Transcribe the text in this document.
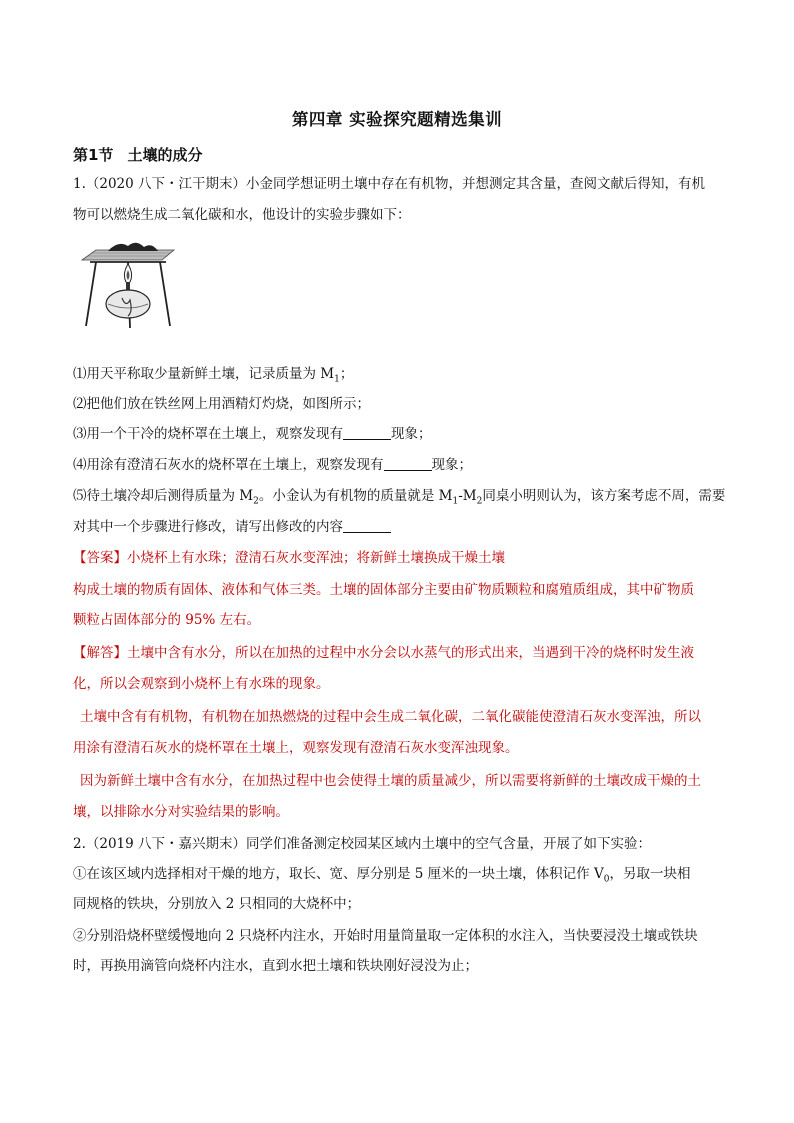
第四章 实验探究题精选集训
第1节 土壤的成分
1.（2020 八下・江干期末）小金同学想证明土壤中存在有机物，并想测定其含量，查阅文献后得知，有机
物可以燃烧生成二氧化碳和水，他设计的实验步骤如下：
⑴用天平称取少量新鲜土壤，记录质量为 $M_1$；
⑵把他们放在铁丝网上用酒精灯灼烧，如图所示；
⑶用一个干冷的烧杯罩在土壤上，观察发现有	现象；
⑷用涂有澄清石灰水的烧杯罩在土壤上，观察发现有	现象；
⑸待土壤冷却后测得质量为 $M_2$。小金认为有机物的质量就是 $M_1-M_2$同桌小明则认为，该方案考虑不周，需要
对其中一个步骤进行修改，请写出修改的内容
【答案】小烧杯上有水珠；澄清石灰水变浑浊；将新鲜土壤换成干燥土壤
构成土壤的物质有固体、液体和气体三类。土壤的固体部分主要由矿物质颗粒和腐殖质组成，其中矿物质
颗粒占固体部分的 95% 左右。
【解答】土壤中含有水分，所以在加热的过程中水分会以水蒸气的形式出来，当遇到干冷的烧杯时发生液
化，所以会观察到小烧杯上有水珠的现象。
土壤中含有有机物，有机物在加热燃烧的过程中会生成二氧化碳，二氧化碳能使澄清石灰水变浑浊，所以
用涂有澄清石灰水的烧杯罩在土壤上，观察发现有澄清石灰水变浑浊现象。
因为新鲜土壤中含有水分，在加热过程中也会使得土壤的质量减少，所以需要将新鲜的土壤改成干燥的土
壤，以排除水分对实验结果的影响。
2.（2019 八下・嘉兴期末）同学们准备测定校园某区域内土壤中的空气含量，开展了如下实验：
①在该区域内选择相对干燥的地方，取长、宽、厚分别是 5 厘米的一块土壤，体积记作 $V_0$，另取一块相
同规格的铁块，分别放入 2 只相同的大烧杯中；
②分别沿烧杯壁缓慢地向 2 只烧杯内注水，开始时用量筒量取一定体积的水注入，当快要浸没土壤或铁块
时，再换用滴管向烧杯内注水，直到水把土壤和铁块刚好浸没为止；
